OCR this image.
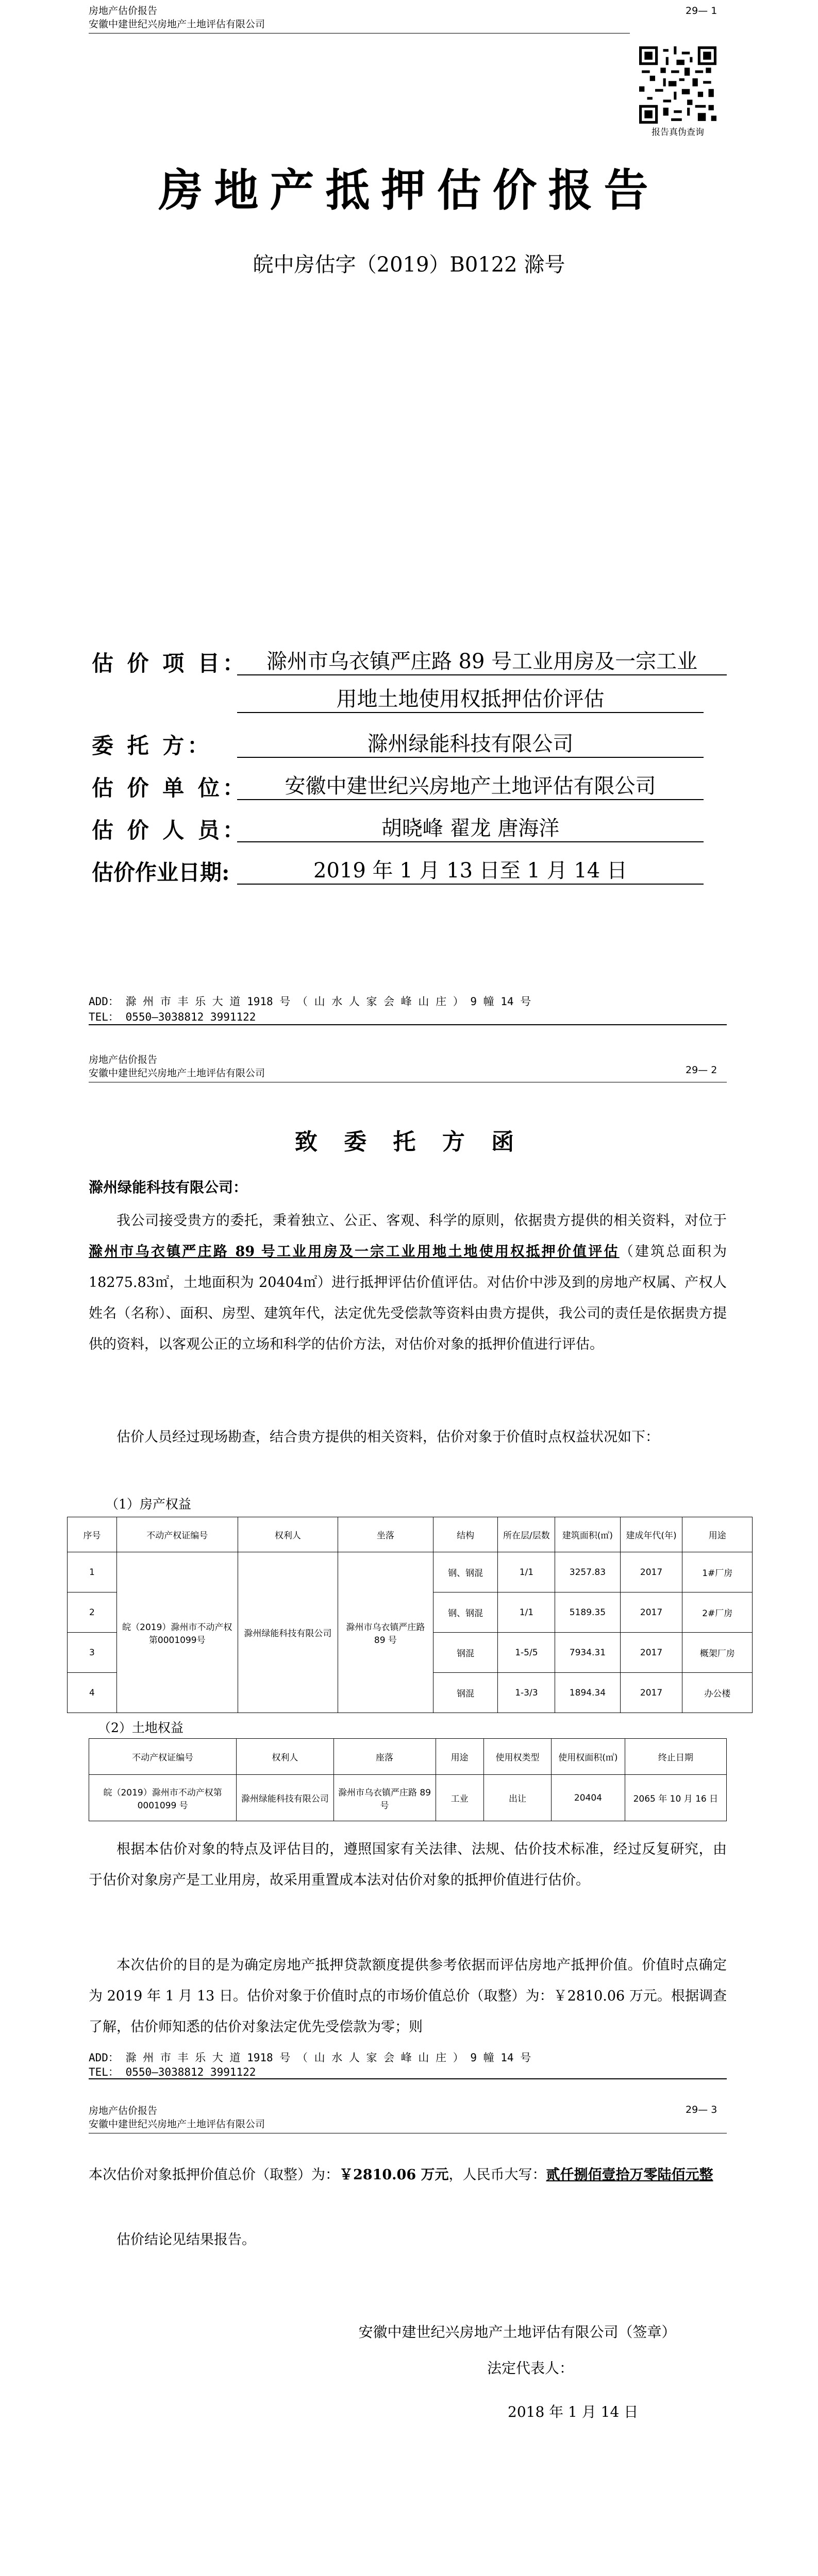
房地产估价报告
安徽中建世纪兴房地产土地评估有限公司
29— 1
报告真伪查询
房地产抵押估价报告
皖中房估字（2019）B0122 滁号
估 价 项 目： 滁州市乌衣镇严庄路 89 号工业用房及一宗工业
用地土地使用权抵押估价评估
委 托 方：	滁州绿能科技有限公司
估 价 单 位：	安徽中建世纪兴房地产土地评估有限公司
估 价 人 员：	胡晓峰 翟龙 唐海洋
估价作业日期:	2019 年 1 月 13 日至 1 月 14 日
ADD： 滁 州 市 丰 乐 大 道 1918 号 （ 山 水 人 家 会 峰 山 庄 ） 9 幢 14 号
TEL： 0550—3038812 3991122
房地产估价报告
29— 2
安徽中建世纪兴房地产土地评估有限公司
致 委 托 方 函
滁州绿能科技有限公司：
我公司接受贵方的委托，秉着独立、公正、客观、科学的原则，依据贵方提供的相关资料，对位于滁州市乌衣镇严庄路 89 号工业用房及一宗工业用地土地使用权抵押价值评估（建筑总面积为 18275.83㎡，土地面积为 20404㎡）进行抵押评估价值评估。对估价中涉及到的房地产权属、产权人姓名（名称）、面积、房型、建筑年代，法定优先受偿款等资料由贵方提供，我公司的责任是依据贵方提供的资料，以客观公正的立场和科学的估价方法，对估价对象的抵押价值进行评估。
估价人员经过现场勘查，结合贵方提供的相关资料，估价对象于价值时点权益状况如下：
（1）房产权益
序号	不动产权证编号	权利人	坐落	结构	所在层/层数	建筑面积(㎡)	建成年代(年)	用途
1	皖（2019）滁州市不动产权第0001099号	滁州绿能科技有限公司	滁州市乌衣镇严庄路 89 号	钢、钢混	1/1	3257.83	2017	1#厂房
2				钢、钢混	1/1	5189.35	2017	2#厂房
3				钢混	1-5/5	7934.31	2017	概架厂房
4				钢混	1-3/3	1894.34	2017	办公楼
（2）土地权益
不动产权证编号	权利人	座落	用途	使用权类型	使用权面积(㎡)	终止日期
皖（2019）滁州市不动产权第 0001099 号	滁州绿能科技有限公司	滁州市乌衣镇严庄路 89 号	工业	出让	20404	2065 年 10 月 16 日
根据本估价对象的特点及评估目的，遵照国家有关法律、法规、估价技术标准，经过反复研究，由于估价对象房产是工业用房，故采用重置成本法对估价对象的抵押价值进行估价。
本次估价的目的是为确定房地产抵押贷款额度提供参考依据而评估房地产抵押价值。价值时点确定为 2019 年 1 月 13 日。估价对象于价值时点的市场价值总价（取整）为：￥2810.06 万元。根据调查了解，估价师知悉的估价对象法定优先受偿款为零；则
ADD： 滁 州 市 丰 乐 大 道 1918 号 （ 山 水 人 家 会 峰 山 庄 ） 9 幢 14 号
TEL： 0550—3038812 3991122
房地产估价报告	29— 3
安徽中建世纪兴房地产土地评估有限公司
本次估价对象抵押价值总价（取整）为：￥2810.06 万元，人民币大写：贰仟捌佰壹拾万零陆佰元整
估价结论见结果报告。
安徽中建世纪兴房地产土地评估有限公司（签章）
法定代表人：
2018 年 1 月 14 日
